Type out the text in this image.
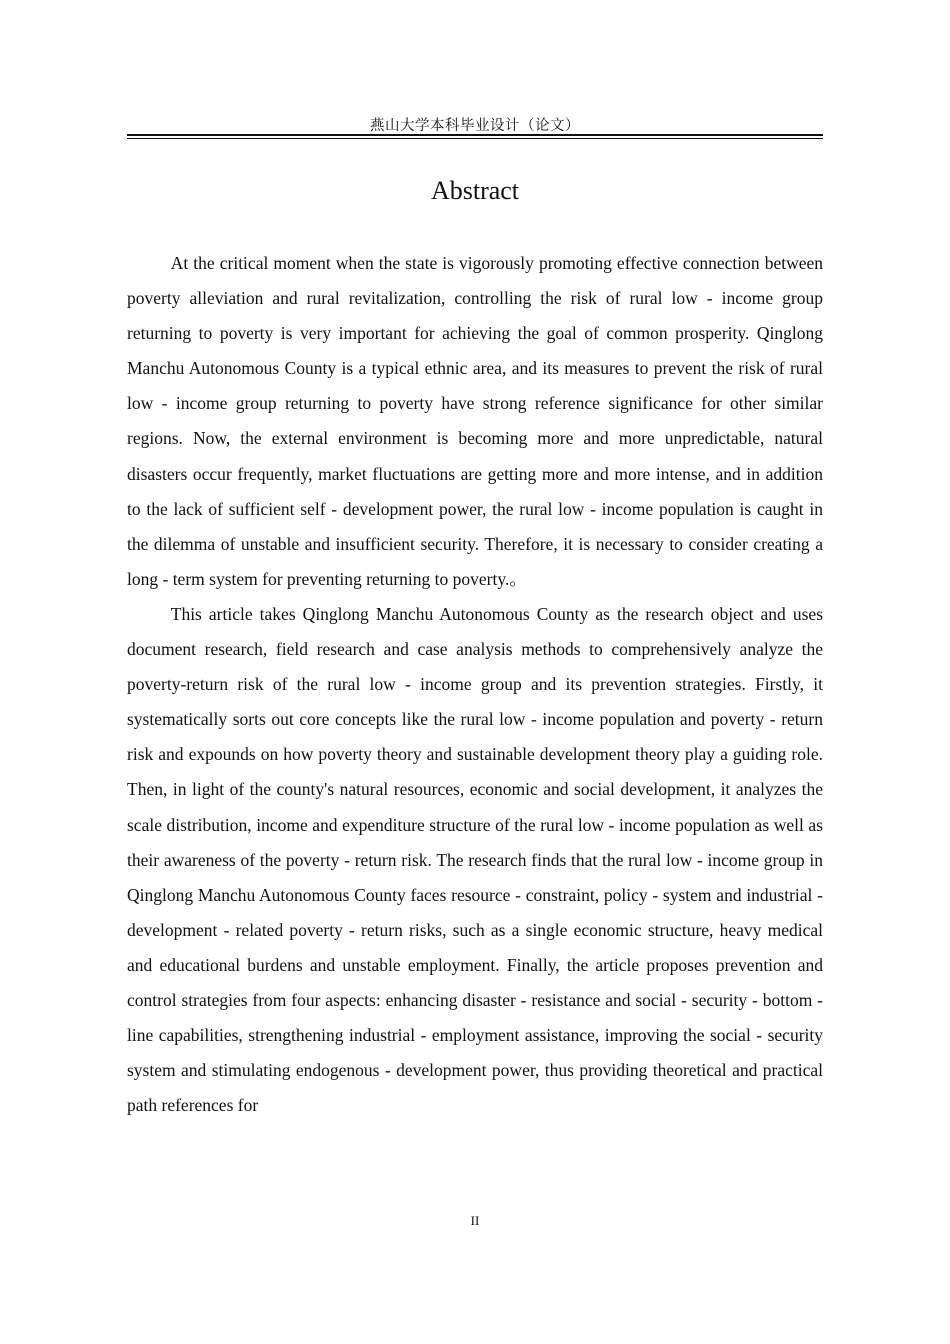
燕山大学本科毕业设计（论文）
Abstract

At the critical moment when the state is vigorously promoting effective connection between poverty alleviation and rural revitalization, controlling the risk of rural low - income group returning to poverty is very important for achieving the goal of common prosperity. Qinglong Manchu Autonomous County is a typical ethnic area, and its measures to prevent the risk of rural low - income group returning to poverty have strong reference significance for other similar regions. Now, the external environment is becoming more and more unpredictable, natural disasters occur frequently, market fluctuations are getting more and more intense, and in addition to the lack of sufficient self - development power, the rural low - income population is caught in the dilemma of unstable and insufficient security. Therefore, it is necessary to consider creating a long - term system for preventing returning to poverty.。

This article takes Qinglong Manchu Autonomous County as the research object and uses document research, field research and case analysis methods to comprehensively analyze the poverty-return risk of the rural low - income group and its prevention strategies. Firstly, it systematically sorts out core concepts like the rural low - income population and poverty - return risk and expounds on how poverty theory and sustainable development theory play a guiding role. Then, in light of the county's natural resources, economic and social development, it analyzes the scale distribution, income and expenditure structure of the rural low - income population as well as their awareness of the poverty - return risk. The research finds that the rural low - income group in Qinglong Manchu Autonomous County faces resource - constraint, policy - system and industrial - development - related poverty - return risks, such as a single economic structure, heavy medical and educational burdens and unstable employment. Finally, the article proposes prevention and control strategies from four aspects: enhancing disaster - resistance and social - security - bottom - line capabilities, strengthening industrial - employment assistance, improving the social - security system and stimulating endogenous - development power, thus providing theoretical and practical path references for

II
